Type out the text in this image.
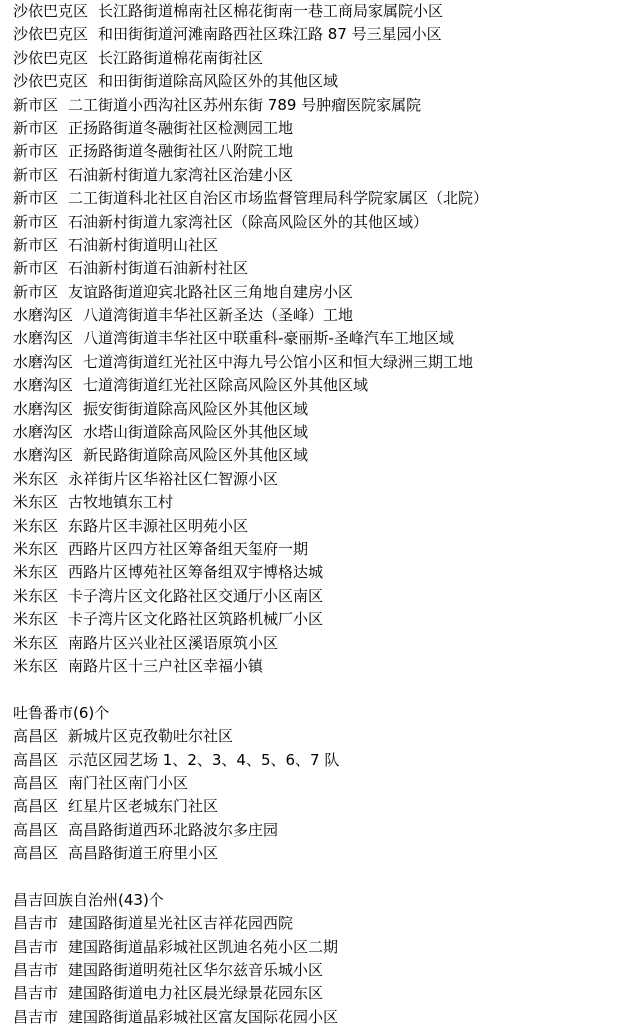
沙依巴克区 长江路街道棉南社区棉花街南一巷工商局家属院小区
沙依巴克区 和田街街道河滩南路西社区珠江路 87 号三星园小区
沙依巴克区 长江路街道棉花南街社区
沙依巴克区 和田街街道除高风险区外的其他区域
新市区 二工街道小西沟社区苏州东街 789 号肿瘤医院家属院
新市区 正扬路街道冬融街社区检测园工地
新市区 正扬路街道冬融街社区八附院工地
新市区 石油新村街道九家湾社区治建小区
新市区 二工街道科北社区自治区市场监督管理局科学院家属区（北院）
新市区 石油新村街道九家湾社区（除高风险区外的其他区域）
新市区 石油新村街道明山社区
新市区 石油新村街道石油新村社区
新市区 友谊路街道迎宾北路社区三角地自建房小区
水磨沟区 八道湾街道丰华社区新圣达（圣峰）工地
水磨沟区 八道湾街道丰华社区中联重科-豪丽斯-圣峰汽车工地区域
水磨沟区 七道湾街道红光社区中海九号公馆小区和恒大绿洲三期工地
水磨沟区 七道湾街道红光社区除高风险区外其他区域
水磨沟区 振安街街道除高风险区外其他区域
水磨沟区 水塔山街道除高风险区外其他区域
水磨沟区 新民路街道除高风险区外其他区域
米东区 永祥街片区华裕社区仁智源小区
米东区 古牧地镇东工村
米东区 东路片区丰源社区明苑小区
米东区 西路片区四方社区筹备组天玺府一期
米东区 西路片区博苑社区筹备组双宇博格达城
米东区 卡子湾片区文化路社区交通厅小区南区
米东区 卡子湾片区文化路社区筑路机械厂小区
米东区 南路片区兴业社区溪语原筑小区
米东区 南路片区十三户社区幸福小镇
吐鲁番市(6)个
高昌区 新城片区克孜勒吐尔社区
高昌区 示范区园艺场 1、2、3、4、5、6、7 队
高昌区 南门社区南门小区
高昌区 红星片区老城东门社区
高昌区 高昌路街道西环北路波尔多庄园
高昌区 高昌路街道王府里小区
昌吉回族自治州(43)个
昌吉市 建国路街道星光社区吉祥花园西院
昌吉市 建国路街道晶彩城社区凯迪名苑小区二期
昌吉市 建国路街道明苑社区华尔兹音乐城小区
昌吉市 建国路街道电力社区晨光绿景花园东区
昌吉市 建国路街道晶彩城社区富友国际花园小区
